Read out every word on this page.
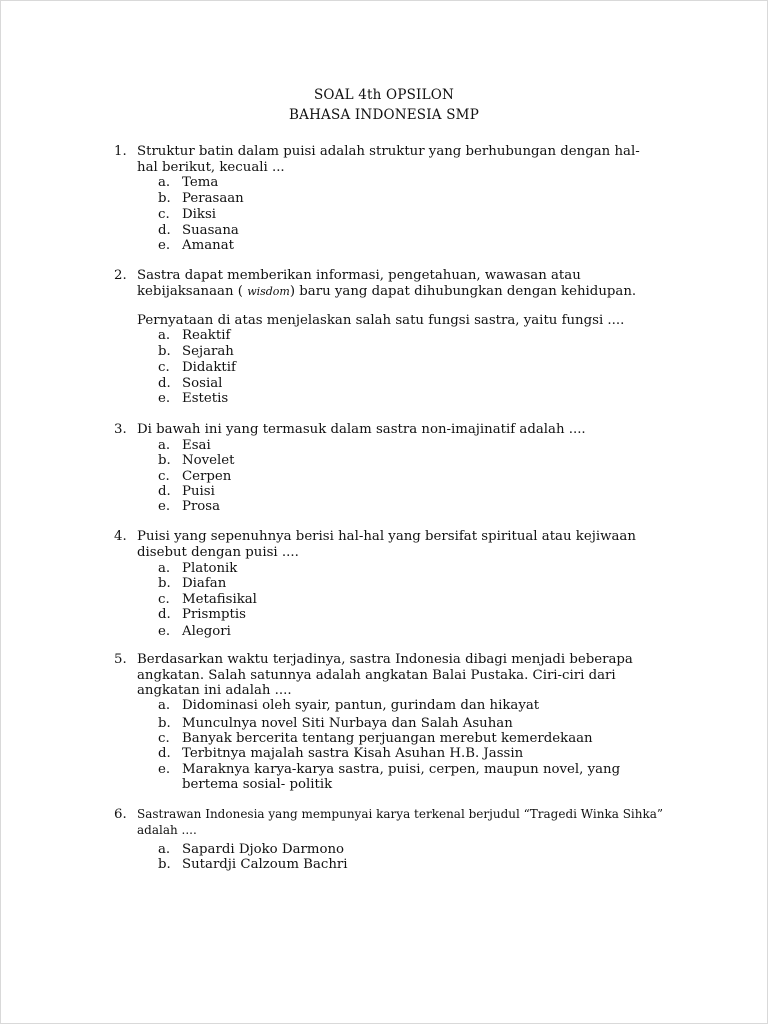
SOAL 4th OPSILON
BAHASA INDONESIA SMP
1. Struktur batin dalam puisi adalah struktur yang berhubungan dengan hal-
hal berikut, kecuali ...
a. Tema
b. Perasaan
c. Diksi
d. Suasana
e. Amanat
2. Sastra dapat memberikan informasi, pengetahuan, wawasan atau
kebijaksanaan ( wisdom) baru yang dapat dihubungkan dengan kehidupan.
Pernyataan di atas menjelaskan salah satu fungsi sastra, yaitu fungsi ....
a. Reaktif
b. Sejarah
c. Didaktif
d. Sosial
e. Estetis
3. Di bawah ini yang termasuk dalam sastra non-imajinatif adalah ....
a. Esai
b. Novelet
c. Cerpen
d. Puisi
e. Prosa
4. Puisi yang sepenuhnya berisi hal-hal yang bersifat spiritual atau kejiwaan
disebut dengan puisi ....
a. Platonik
b. Diafan
c. Metafisikal
d. Prismptis
e. Alegori
5. Berdasarkan waktu terjadinya, sastra Indonesia dibagi menjadi beberapa
angkatan. Salah satunnya adalah angkatan Balai Pustaka. Ciri-ciri dari
angkatan ini adalah ....
a. Didominasi oleh syair, pantun, gurindam dan hikayat
b. Munculnya novel Siti Nurbaya dan Salah Asuhan
c. Banyak bercerita tentang perjuangan merebut kemerdekaan
d. Terbitnya majalah sastra Kisah Asuhan H.B. Jassin
e. Maraknya karya-karya sastra, puisi, cerpen, maupun novel, yang
bertema sosial- politik
6. Sastrawan Indonesia yang mempunyai karya terkenal berjudul “Tragedi Winka Sihka”
adalah ....
a. Sapardi Djoko Darmono
b. Sutardji Calzoum Bachri
